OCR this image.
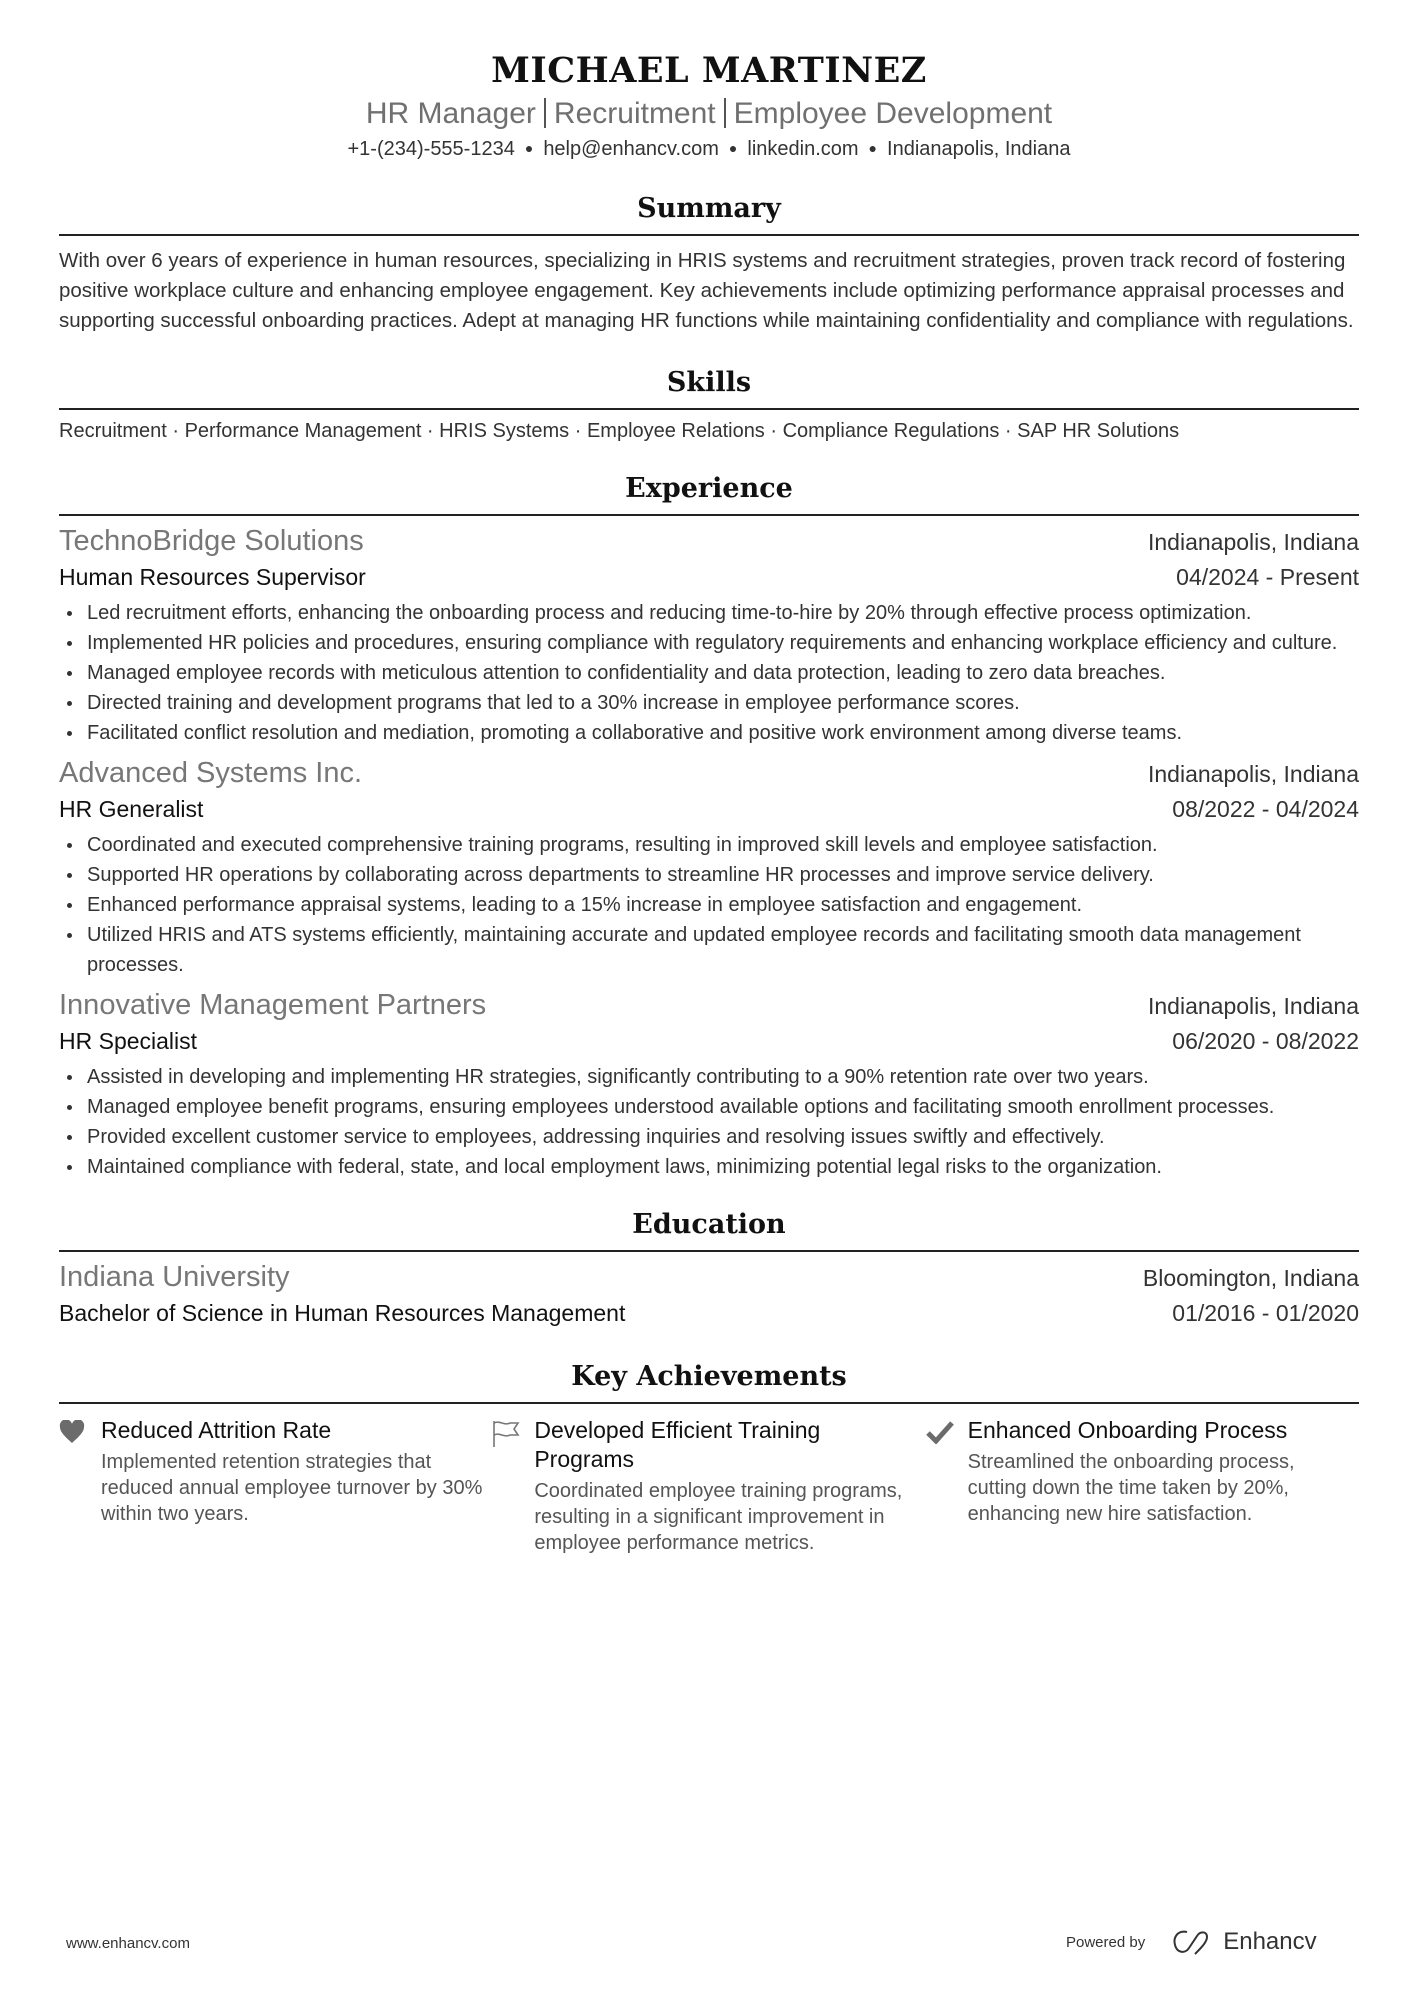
MICHAEL MARTINEZ
HR Manager Recruitment Employee Development
+1-(234)-555-1234 ● help@enhancv.com ● linkedin.com ● Indianapolis, Indiana
Summary
With over 6 years of experience in human resources, specializing in HRIS systems and recruitment strategies, proven track record of fostering positive workplace culture and enhancing employee engagement. Key achievements include optimizing performance appraisal processes and supporting successful onboarding practices. Adept at managing HR functions while maintaining confidentiality and compliance with regulations.
Skills
Recruitment · Performance Management · HRIS Systems · Employee Relations · Compliance Regulations · SAP HR Solutions
Experience
TechnoBridge Solutions	Indianapolis, Indiana
Human Resources Supervisor	04/2024 - Present
Led recruitment efforts, enhancing the onboarding process and reducing time-to-hire by 20% through effective process optimization.
Implemented HR policies and procedures, ensuring compliance with regulatory requirements and enhancing workplace efficiency and culture.
Managed employee records with meticulous attention to confidentiality and data protection, leading to zero data breaches.
Directed training and development programs that led to a 30% increase in employee performance scores.
Facilitated conflict resolution and mediation, promoting a collaborative and positive work environment among diverse teams.
Advanced Systems Inc.	Indianapolis, Indiana
HR Generalist	08/2022 - 04/2024
Coordinated and executed comprehensive training programs, resulting in improved skill levels and employee satisfaction.
Supported HR operations by collaborating across departments to streamline HR processes and improve service delivery.
Enhanced performance appraisal systems, leading to a 15% increase in employee satisfaction and engagement.
Utilized HRIS and ATS systems efficiently, maintaining accurate and updated employee records and facilitating smooth data management processes.
Innovative Management Partners	Indianapolis, Indiana
HR Specialist	06/2020 - 08/2022
Assisted in developing and implementing HR strategies, significantly contributing to a 90% retention rate over two years.
Managed employee benefit programs, ensuring employees understood available options and facilitating smooth enrollment processes.
Provided excellent customer service to employees, addressing inquiries and resolving issues swiftly and effectively.
Maintained compliance with federal, state, and local employment laws, minimizing potential legal risks to the organization.
Education
Indiana University	Bloomington, Indiana
Bachelor of Science in Human Resources Management	01/2016 - 01/2020
Key Achievements
Reduced Attrition Rate
Implemented retention strategies that reduced annual employee turnover by 30% within two years.
Developed Efficient Training Programs
Coordinated employee training programs, resulting in a significant improvement in employee performance metrics.
Enhanced Onboarding Process
Streamlined the onboarding process, cutting down the time taken by 20%, enhancing new hire satisfaction.
www.enhancv.com	Powered by	Enhancv
